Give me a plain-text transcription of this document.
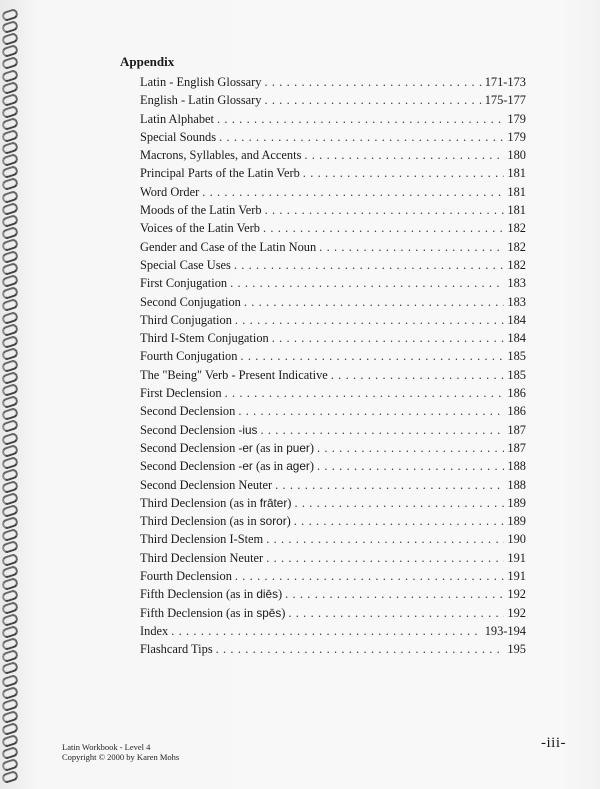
Appendix
Latin - English Glossary . . .	171-173
English - Latin Glossary . . .	175-177
Latin Alphabet . . .	179
Special Sounds . . .	179
Macrons, Syllables, and Accents . . .	180
Principal Parts of the Latin Verb . . .	181
Word Order . . .	181
Moods of the Latin Verb . . .	181
Voices of the Latin Verb . . .	182
Gender and Case of the Latin Noun . . .	182
Special Case Uses . . .	182
First Conjugation . . .	183
Second Conjugation . . .	183
Third Conjugation . . .	184
Third I-Stem Conjugation . . .	184
Fourth Conjugation . . .	185
The "Being" Verb - Present Indicative . . .	185
First Declension . . .	186
Second Declension . . .	186
Second Declension -ius . . .	187
Second Declension -er (as in puer) . . .	187
Second Declension -er (as in ager) . . .	188
Second Declension Neuter . . .	188
Third Declension (as in frāter) . . .	189
Third Declension (as in soror) . . .	189
Third Declension I-Stem . . .	190
Third Declension Neuter . . .	191
Fourth Declension . . .	191
Fifth Declension (as in diēs) . . .	192
Fifth Declension (as in spēs) . . .	192
Index . . .	193-194
Flashcard Tips . . .	195
Latin Workbook - Level 4
Copyright © 2000 by Karen Mohs
-iii-
